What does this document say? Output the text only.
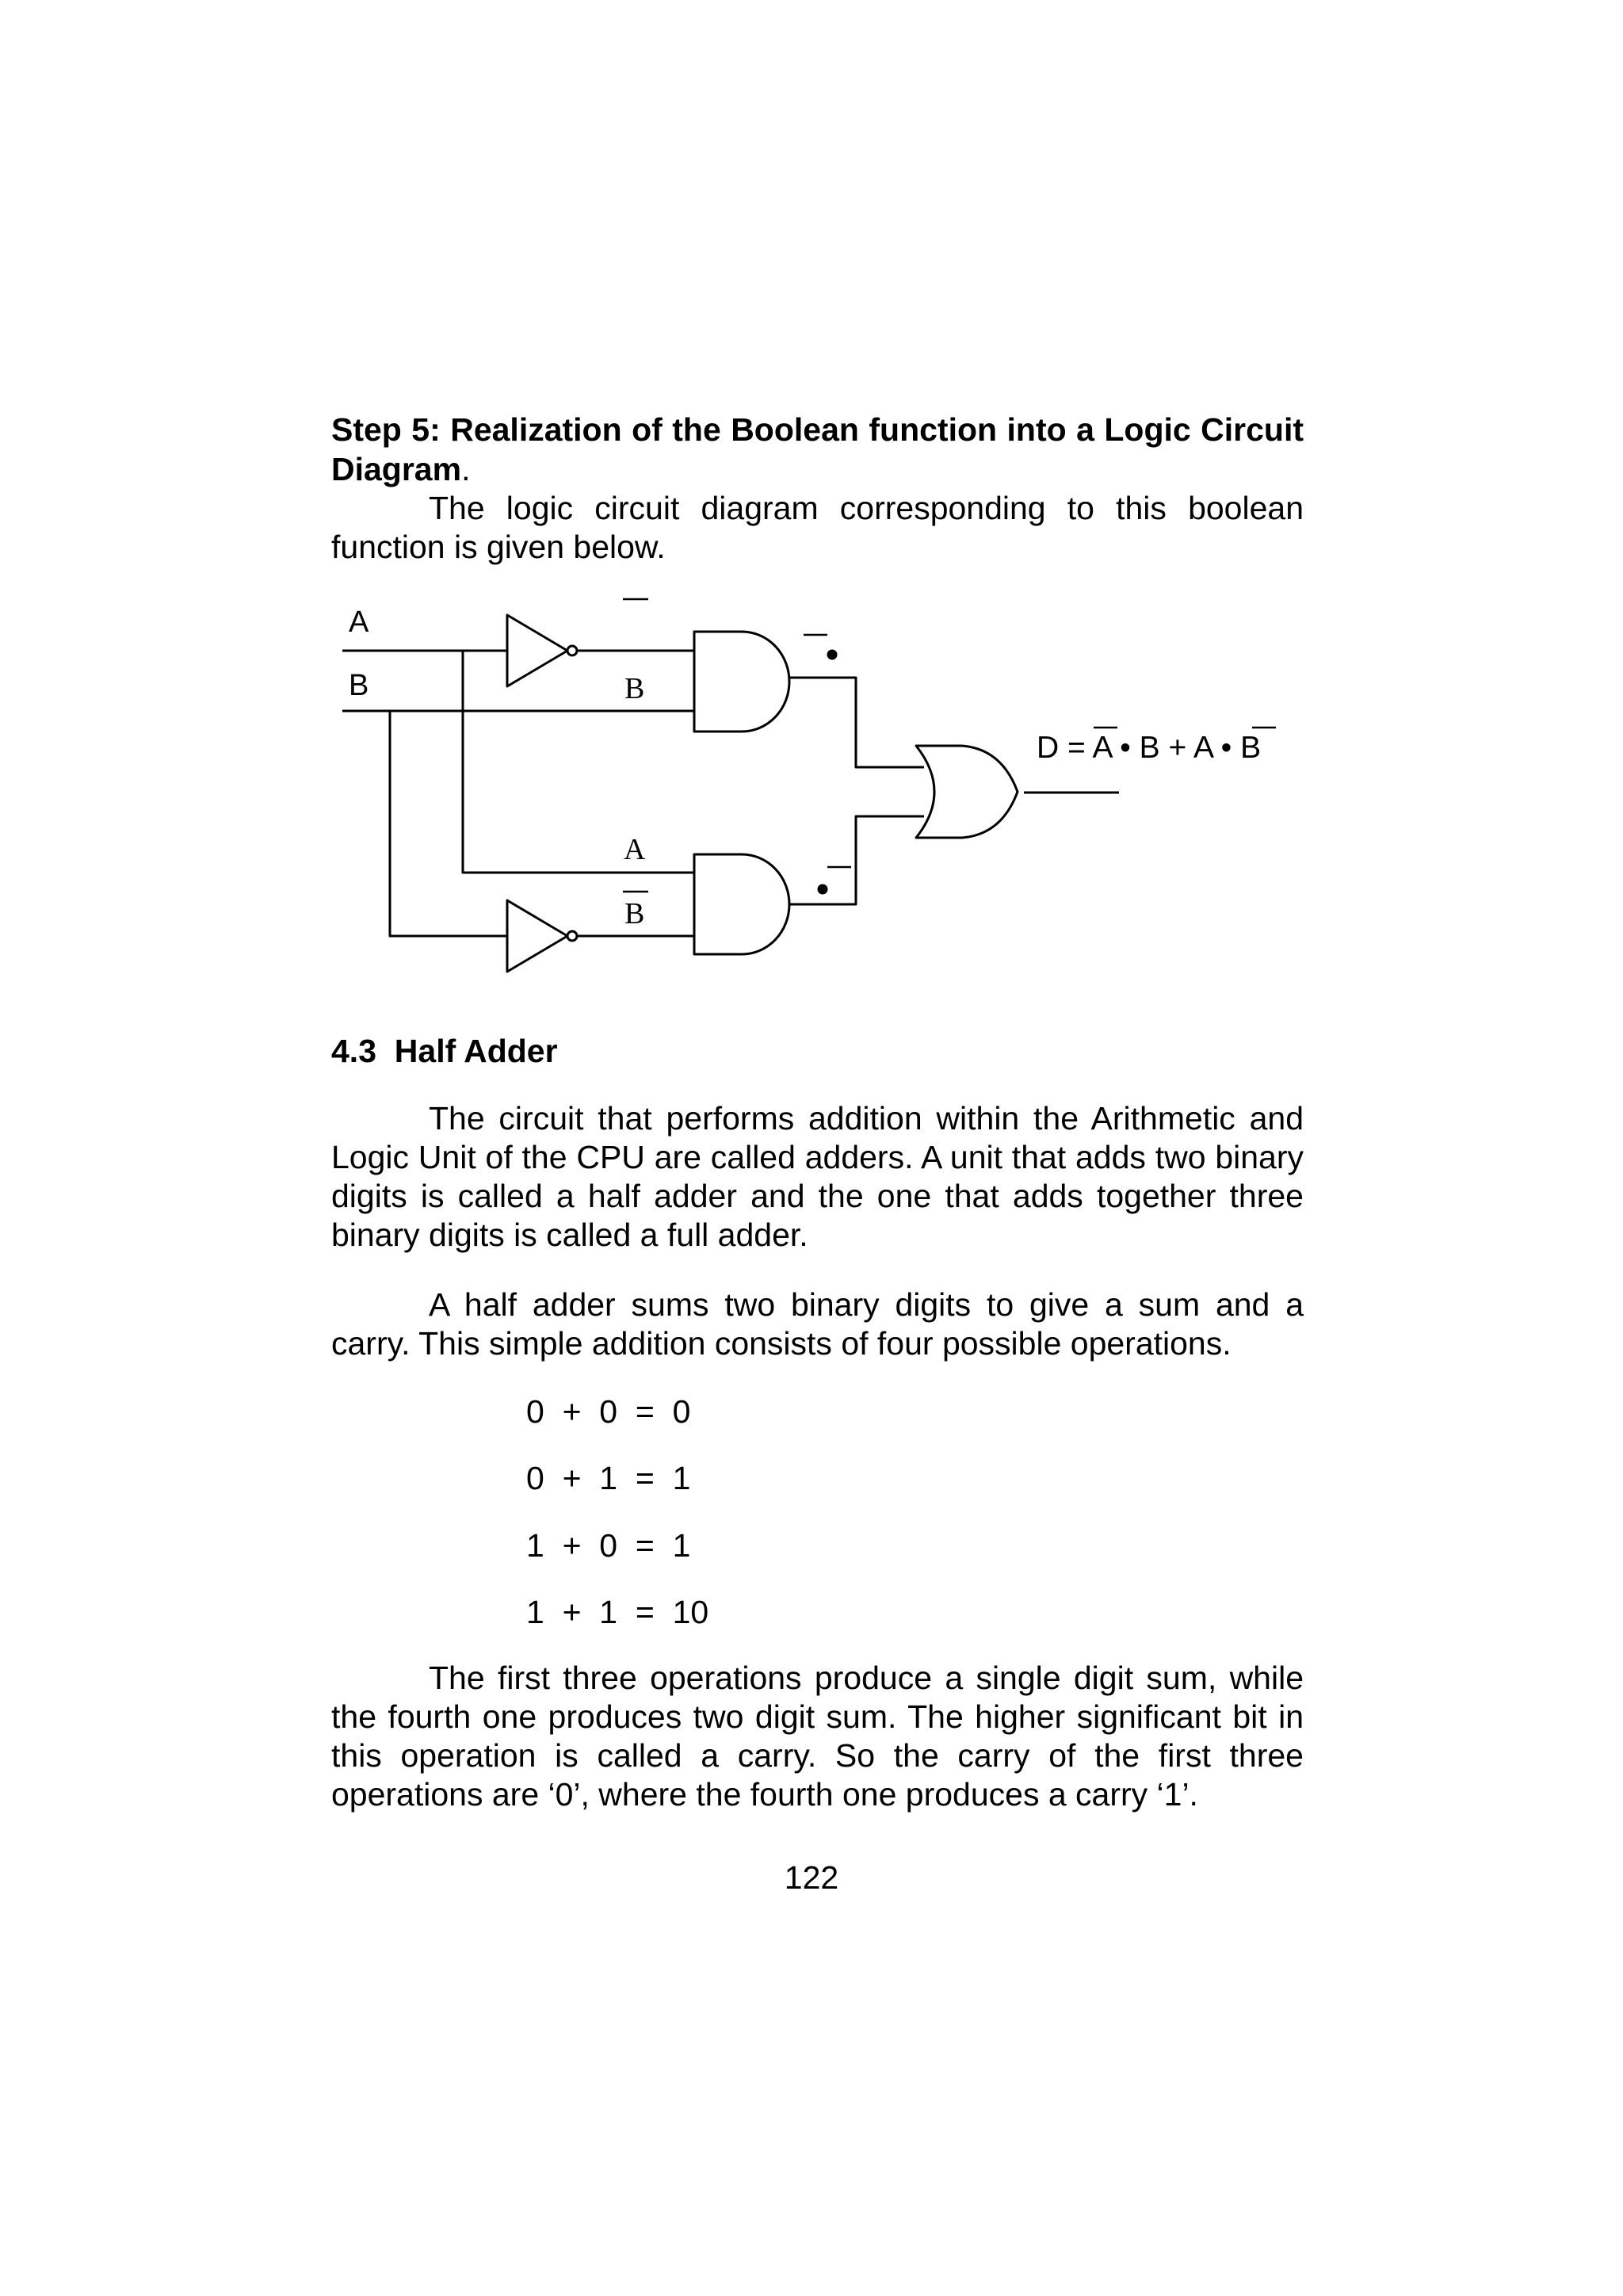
Step 5: Realization of the Boolean function into a Logic Circuit Diagram.

The logic circuit diagram corresponding to this boolean function is given below.

A
B	B
A
B
D = A • B + A • B
4.3  Half Adder

The circuit that performs addition within the Arithmetic and Logic Unit of the CPU are called adders. A unit that adds two binary digits is called a half adder and the one that adds together three binary digits is called a full adder.

A half adder sums two binary digits to give a sum and a carry. This simple addition consists of four possible operations.

0  +  0  =  0
0  +  1  =  1
1  +  0  =  1
1  +  1  =  10

The first three operations produce a single digit sum, while the fourth one produces two digit sum. The higher significant bit in this operation is called a carry. So the carry of the first three operations are ‘0’, where the fourth one produces a carry ‘1’.

122
